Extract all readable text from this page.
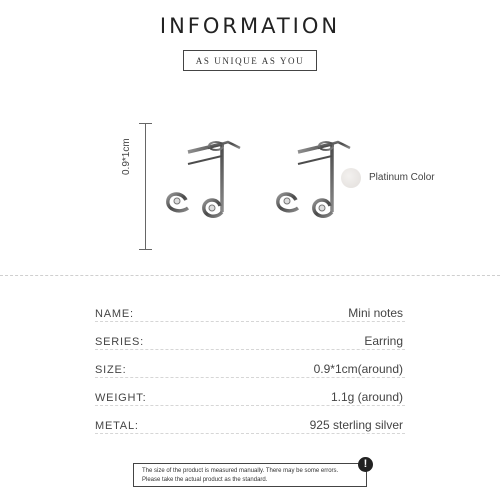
INFORMATION
AS UNIQUE AS YOU
0.9*1cm
Platinum Color
NAME:	Mini notes
SERIES:	Earring
SIZE:	0.9*1cm(around)
WEIGHT:	1.1g (around)
METAL:	925 sterling silver
The size of the product is measured manually. There may be some errors.
Please take the actual product as the standard.
!
